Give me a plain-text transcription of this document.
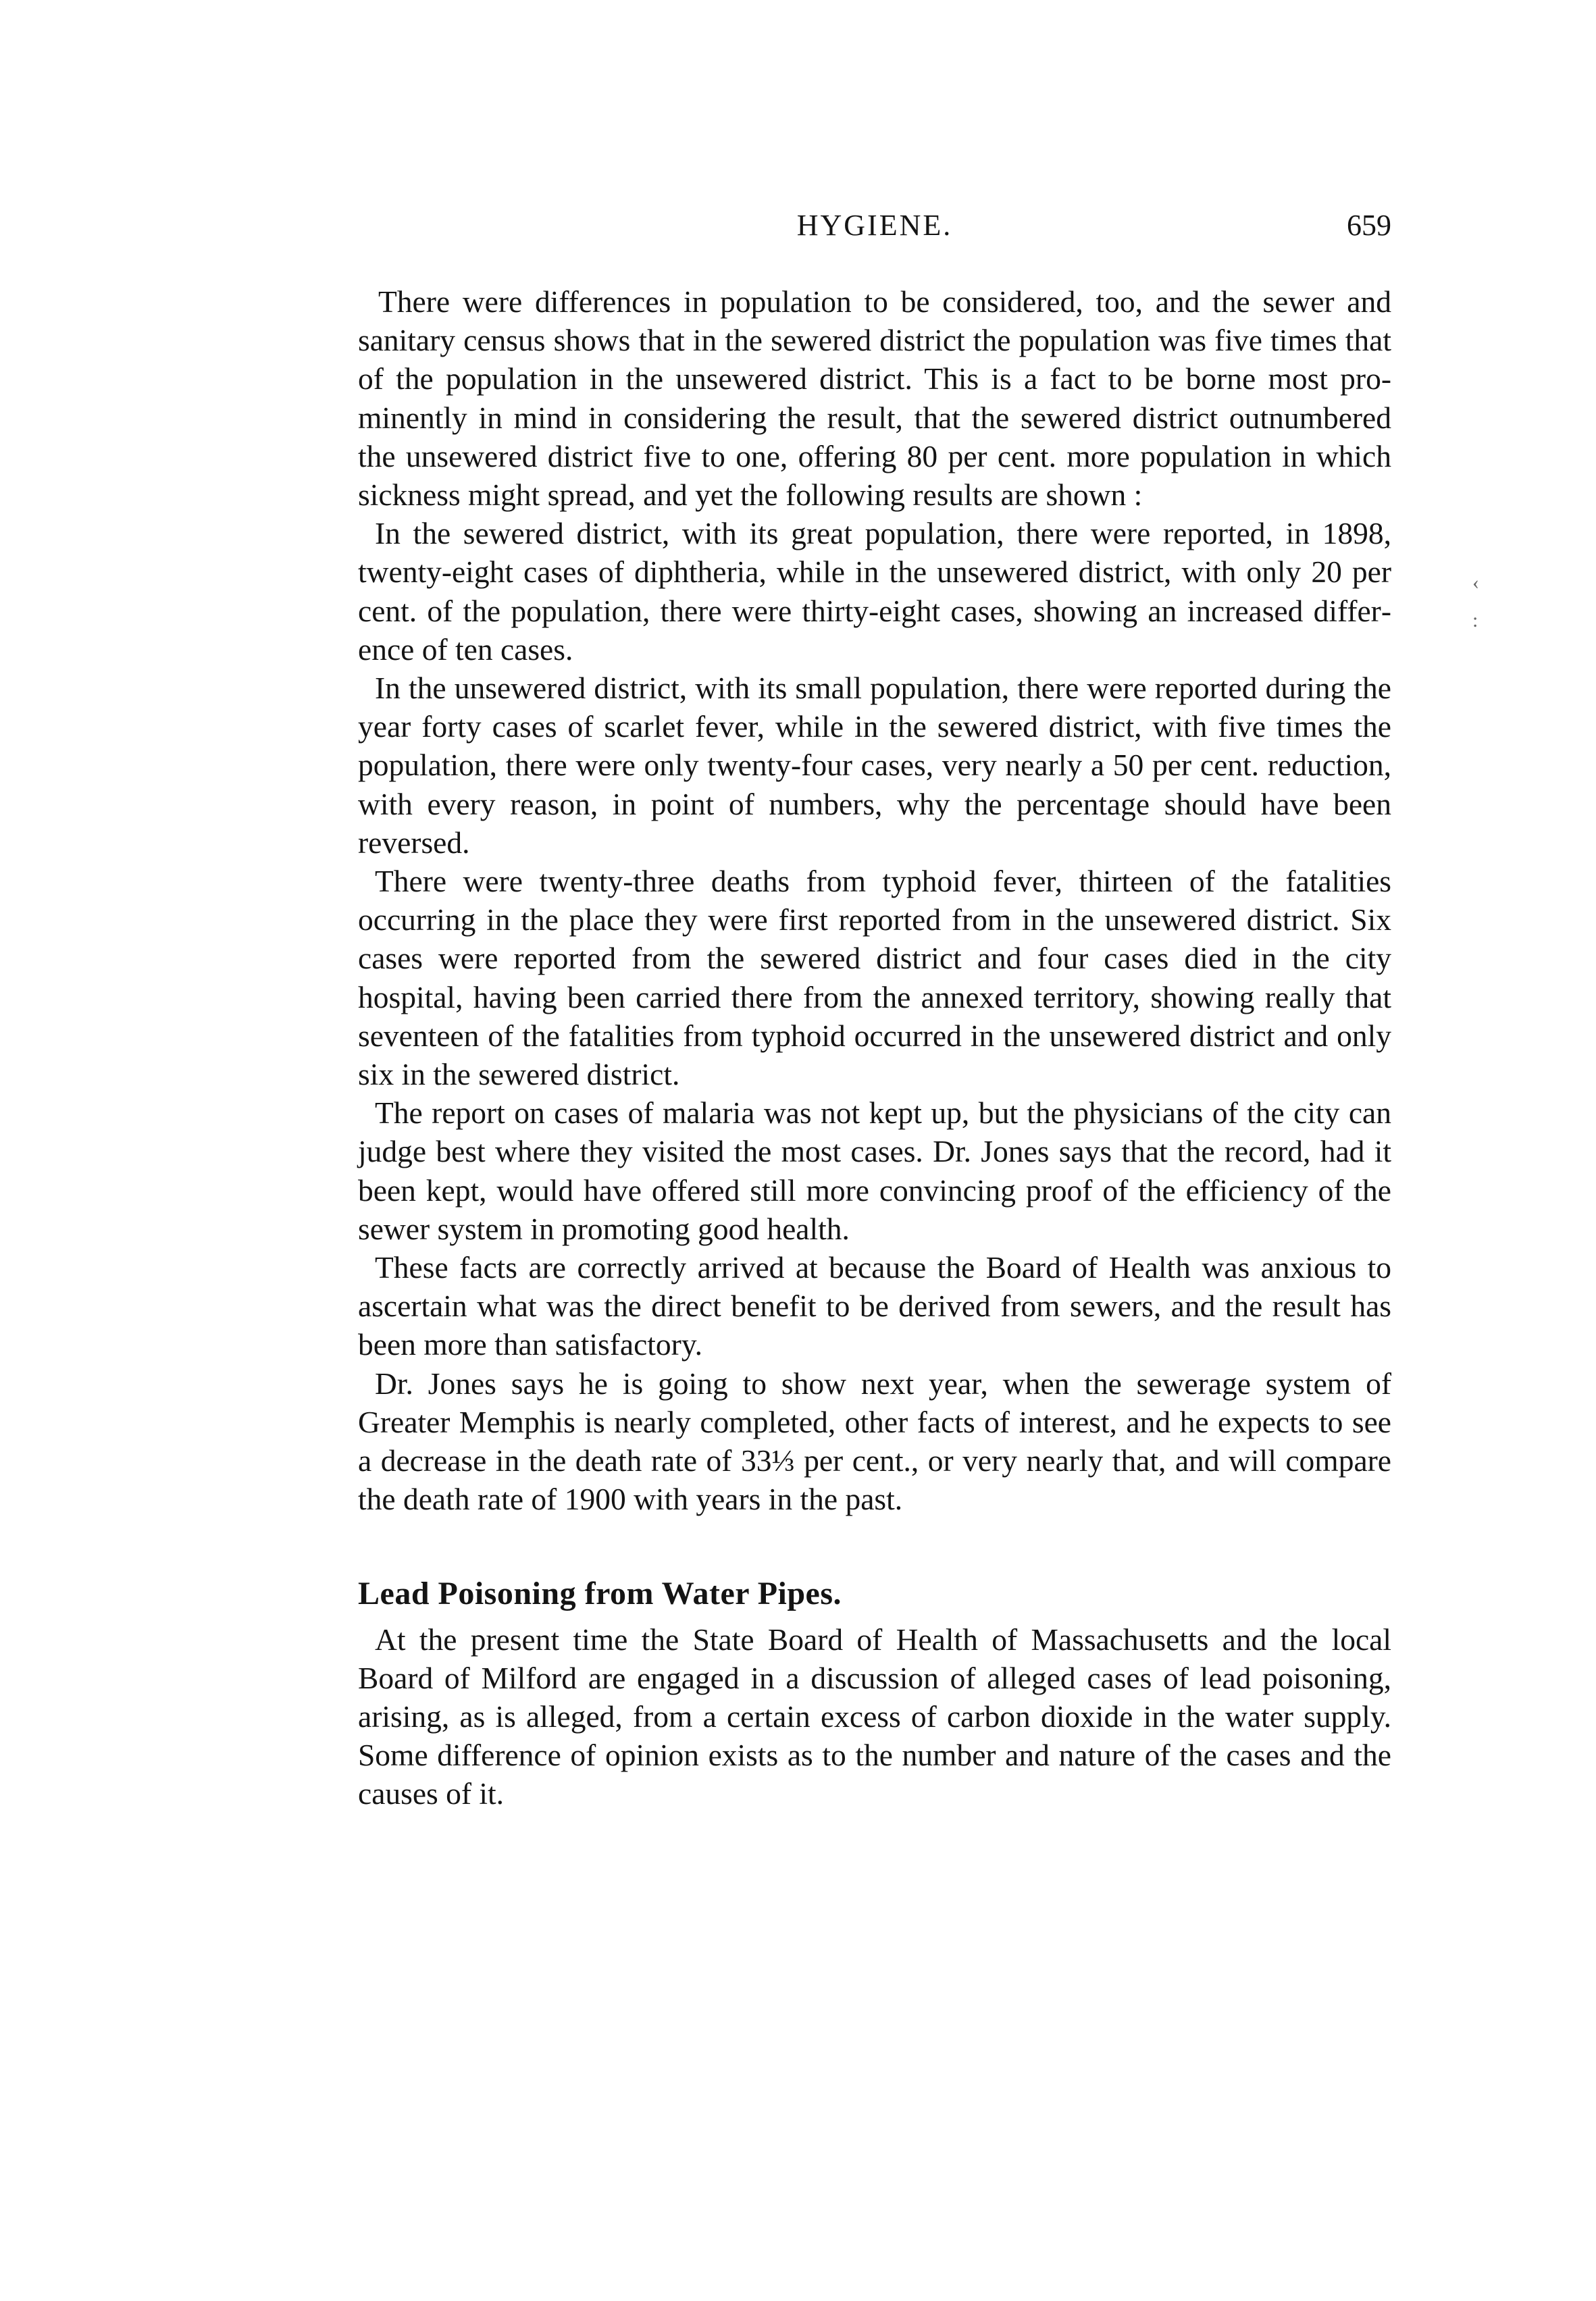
HYGIENE.	659
‹
:

There were differences in population to be considered, too, and the sewer and sanitary census shows that in the sewered district the population was five times that of the population in the unsewered district. This is a fact to be borne most prominently in mind in considering the result, that the sewered district outnumbered the unsewered district five to one, offering 80 per cent. more population in which sickness might spread, and yet the following results are shown :

In the sewered district, with its great population, there were reported, in 1898, twenty-eight cases of diphtheria, while in the unsewered district, with only 20 per cent. of the population, there were thirty-eight cases, showing an increased difference of ten cases.

In the unsewered district, with its small population, there were reported during the year forty cases of scarlet fever, while in the sewered district, with five times the population, there were only twenty-four cases, very nearly a 50 per cent. reduction, with every reason, in point of numbers, why the percentage should have been reversed.

There were twenty-three deaths from typhoid fever, thirteen of the fatalities occurring in the place they were first reported from in the unsewered district. Six cases were reported from the sewered district and four cases died in the city hospital, having been carried there from the annexed territory, showing really that seventeen of the fatalities from typhoid occurred in the unsewered district and only six in the sewered district.

The report on cases of malaria was not kept up, but the physicians of the city can judge best where they visited the most cases. Dr. Jones says that the record, had it been kept, would have offered still more convincing proof of the efficiency of the sewer system in promoting good health.

These facts are correctly arrived at because the Board of Health was anxious to ascertain what was the direct benefit to be derived from sewers, and the result has been more than satisfactory.

Dr. Jones says he is going to show next year, when the sewerage system of Greater Memphis is nearly completed, other facts of interest, and he expects to see a decrease in the death rate of 33⅓ per cent., or very nearly that, and will compare the death rate of 1900 with years in the past.

Lead Poisoning from Water Pipes.

At the present time the State Board of Health of Massachusetts and the local Board of Milford are engaged in a discussion of alleged cases of lead poisoning, arising, as is alleged, from a certain excess of carbon dioxide in the water supply. Some difference of opinion exists as to the number and nature of the cases and the causes of it.
